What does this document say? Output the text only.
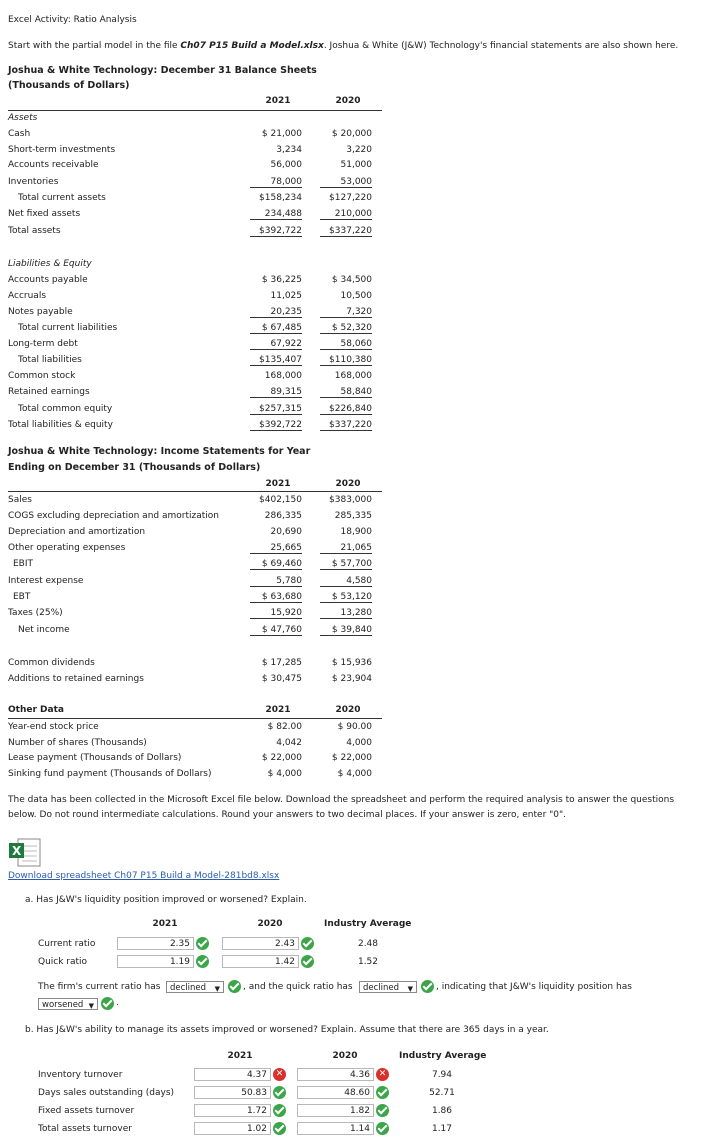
Excel Activity: Ratio Analysis
Start with the partial model in the file Ch07 P15 Build a Model.xlsx. Joshua & White (J&W) Technology's financial statements are also shown here.
Joshua & White Technology: December 31 Balance Sheets
(Thousands of Dollars)
2021	2020
Assets
Cash	$ 21,000	$ 20,000
Short-term investments	3,234	3,220
Accounts receivable	56,000	51,000
Inventories	78,000	53,000
Total current assets	$158,234	$127,220
Net fixed assets	234,488	210,000
Total assets	$392,722	$337,220
Liabilities & Equity
Accounts payable	$ 36,225	$ 34,500
Accruals	11,025	10,500
Notes payable	20,235	7,320
Total current liabilities	$ 67,485	$ 52,320
Long-term debt	67,922	58,060
Total liabilities	$135,407	$110,380
Common stock	168,000	168,000
Retained earnings	89,315	58,840
Total common equity	$257,315	$226,840
Total liabilities & equity	$392,722	$337,220
Joshua & White Technology: Income Statements for Year
Ending on December 31 (Thousands of Dollars)
2021	2020
Sales	$402,150	$383,000
COGS excluding depreciation and amortization	286,335	285,335
Depreciation and amortization	20,690	18,900
Other operating expenses	25,665	21,065
EBIT	$ 69,460	$ 57,700
Interest expense	5,780	4,580
EBT	$ 63,680	$ 53,120
Taxes (25%)	15,920	13,280
Net income	$ 47,760	$ 39,840
Common dividends	$ 17,285	$ 15,936
Additions to retained earnings	$ 30,475	$ 23,904
Other Data	2021	2020
Year-end stock price	$ 82.00	$ 90.00
Number of shares (Thousands)	4,042	4,000
Lease payment (Thousands of Dollars)	$ 22,000	$ 22,000
Sinking fund payment (Thousands of Dollars)	$ 4,000	$ 4,000
The data has been collected in the Microsoft Excel file below. Download the spreadsheet and perform the required analysis to answer the questions
below. Do not round intermediate calculations. Round your answers to two decimal places. If your answer is zero, enter "0".
X
Download spreadsheet Ch07 P15 Build a Model-281bd8.xlsx
a. Has J&W's liquidity position improved or worsened? Explain.
2021	2020	Industry Average
Current ratio	2.35	2.43	2.48
Quick ratio	1.19	1.42	1.52
The firm's current ratio has	declined ▼	, and the quick ratio has	declined ▼	, indicating that J&W's liquidity position has
worsened ▼ .
b. Has J&W's ability to manage its assets improved or worsened? Explain. Assume that there are 365 days in a year.
2021	2020	Industry Average
Inventory turnover	4.37 ✕	4.36 ✕	7.94
Days sales outstanding (days)	50.83	48.60	52.71
Fixed assets turnover	1.72	1.82	1.86
Total assets turnover	1.02	1.14	1.17
